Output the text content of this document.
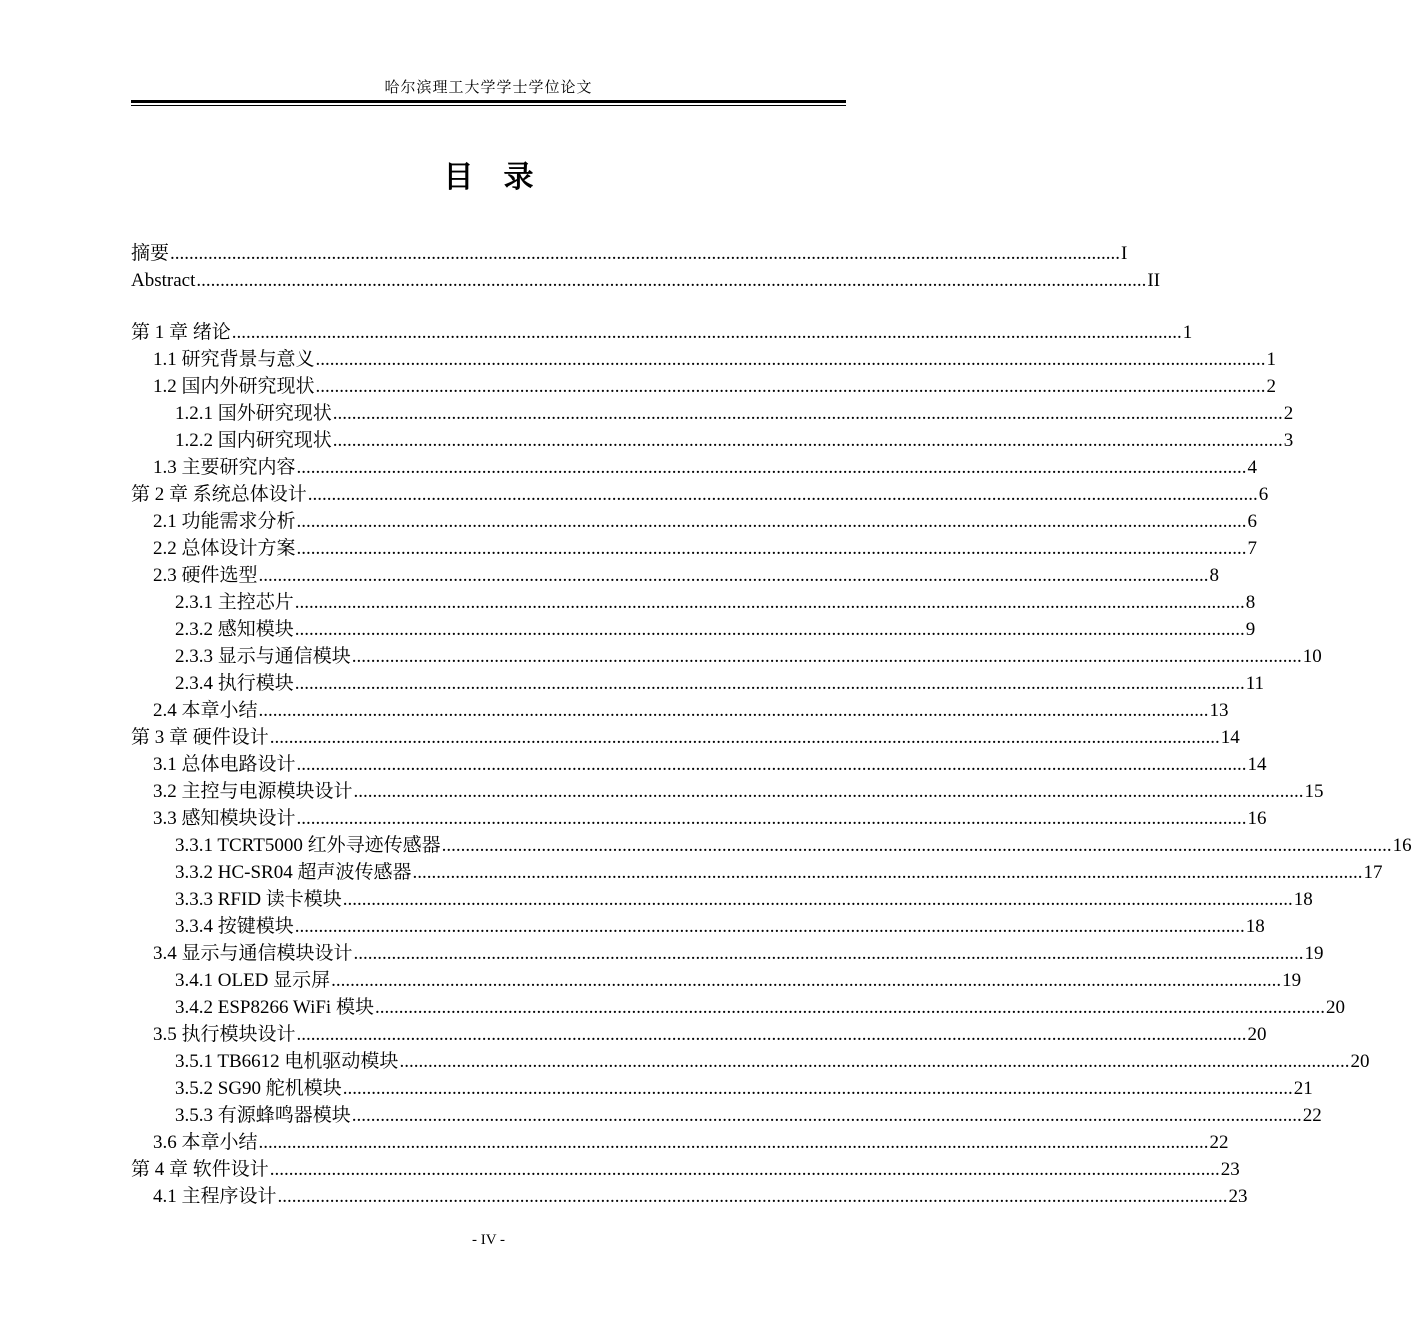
哈尔滨理工大学学士学位论文
目录
摘要 ........................................................................................................................................................................................................ I
Abstract ........................................................................................................................................................................................................ II
第 1 章 绪论 ........................................................................................................................................................................................................ 1
1.1 研究背景与意义 ........................................................................................................................................................................................................ 1
1.2 国内外研究现状 ........................................................................................................................................................................................................ 2
1.2.1 国外研究现状 ........................................................................................................................................................................................................ 2
1.2.2 国内研究现状 ........................................................................................................................................................................................................ 3
1.3 主要研究内容 ........................................................................................................................................................................................................ 4
第 2 章 系统总体设计 ........................................................................................................................................................................................................ 6
2.1 功能需求分析 ........................................................................................................................................................................................................ 6
2.2 总体设计方案 ........................................................................................................................................................................................................ 7
2.3 硬件选型 ........................................................................................................................................................................................................ 8
2.3.1 主控芯片 ........................................................................................................................................................................................................ 8
2.3.2 感知模块 ........................................................................................................................................................................................................ 9
2.3.3 显示与通信模块 ........................................................................................................................................................................................................ 10
2.3.4 执行模块 ........................................................................................................................................................................................................ 11
2.4 本章小结 ........................................................................................................................................................................................................ 13
第 3 章 硬件设计 ........................................................................................................................................................................................................ 14
3.1 总体电路设计 ........................................................................................................................................................................................................ 14
3.2 主控与电源模块设计 ........................................................................................................................................................................................................ 15
3.3 感知模块设计 ........................................................................................................................................................................................................ 16
3.3.1 TCRT5000 红外寻迹传感器 ........................................................................................................................................................................................................ 16
3.3.2 HC-SR04 超声波传感器 ........................................................................................................................................................................................................ 17
3.3.3 RFID 读卡模块 ........................................................................................................................................................................................................ 18
3.3.4 按键模块 ........................................................................................................................................................................................................ 18
3.4 显示与通信模块设计 ........................................................................................................................................................................................................ 19
3.4.1 OLED 显示屏 ........................................................................................................................................................................................................ 19
3.4.2 ESP8266 WiFi 模块 ........................................................................................................................................................................................................ 20
3.5 执行模块设计 ........................................................................................................................................................................................................ 20
3.5.1 TB6612 电机驱动模块 ........................................................................................................................................................................................................ 20
3.5.2 SG90 舵机模块 ........................................................................................................................................................................................................ 21
3.5.3 有源蜂鸣器模块 ........................................................................................................................................................................................................ 22
3.6 本章小结 ........................................................................................................................................................................................................ 22
第 4 章 软件设计 ........................................................................................................................................................................................................ 23
4.1 主程序设计 ........................................................................................................................................................................................................ 23
- IV -
